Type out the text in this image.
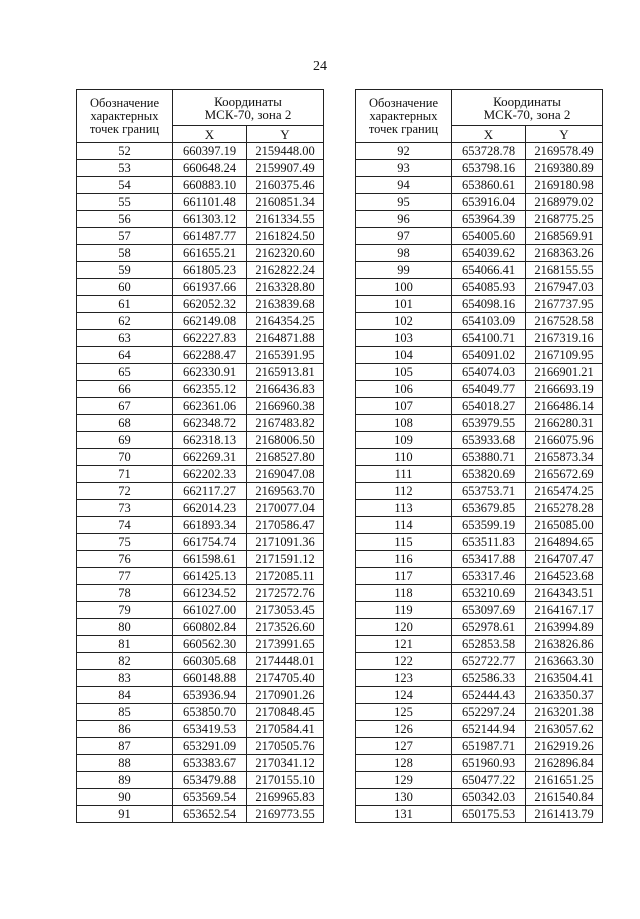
24
Обозначение
характерных
точек границ	Координаты
МСК-70, зона 2	
	X	Y
52	660397.19	2159448.00
53	660648.24	2159907.49
54	660883.10	2160375.46
55	661101.48	2160851.34
56	661303.12	2161334.55
57	661487.77	2161824.50
58	661655.21	2162320.60
59	661805.23	2162822.24
60	661937.66	2163328.80
61	662052.32	2163839.68
62	662149.08	2164354.25
63	662227.83	2164871.88
64	662288.47	2165391.95
65	662330.91	2165913.81
66	662355.12	2166436.83
67	662361.06	2166960.38
68	662348.72	2167483.82
69	662318.13	2168006.50
70	662269.31	2168527.80
71	662202.33	2169047.08
72	662117.27	2169563.70
73	662014.23	2170077.04
74	661893.34	2170586.47
75	661754.74	2171091.36
76	661598.61	2171591.12
77	661425.13	2172085.11
78	661234.52	2172572.76
79	661027.00	2173053.45
80	660802.84	2173526.60
81	660562.30	2173991.65
82	660305.68	2174448.01
83	660148.88	2174705.40
84	653936.94	2170901.26
85	653850.70	2170848.45
86	653419.53	2170584.41
87	653291.09	2170505.76
88	653383.67	2170341.12
89	653479.88	2170155.10
90	653569.54	2169965.83
91	653652.54	2169773.55
Обозначение
характерных
точек границ	Координаты
МСК-70, зона 2	
	X	Y
92	653728.78	2169578.49
93	653798.16	2169380.89
94	653860.61	2169180.98
95	653916.04	2168979.02
96	653964.39	2168775.25
97	654005.60	2168569.91
98	654039.62	2168363.26
99	654066.41	2168155.55
100	654085.93	2167947.03
101	654098.16	2167737.95
102	654103.09	2167528.58
103	654100.71	2167319.16
104	654091.02	2167109.95
105	654074.03	2166901.21
106	654049.77	2166693.19
107	654018.27	2166486.14
108	653979.55	2166280.31
109	653933.68	2166075.96
110	653880.71	2165873.34
111	653820.69	2165672.69
112	653753.71	2165474.25
113	653679.85	2165278.28
114	653599.19	2165085.00
115	653511.83	2164894.65
116	653417.88	2164707.47
117	653317.46	2164523.68
118	653210.69	2164343.51
119	653097.69	2164167.17
120	652978.61	2163994.89
121	652853.58	2163826.86
122	652722.77	2163663.30
123	652586.33	2163504.41
124	652444.43	2163350.37
125	652297.24	2163201.38
126	652144.94	2163057.62
127	651987.71	2162919.26
128	651960.93	2162896.84
129	650477.22	2161651.25
130	650342.03	2161540.84
131	650175.53	2161413.79
